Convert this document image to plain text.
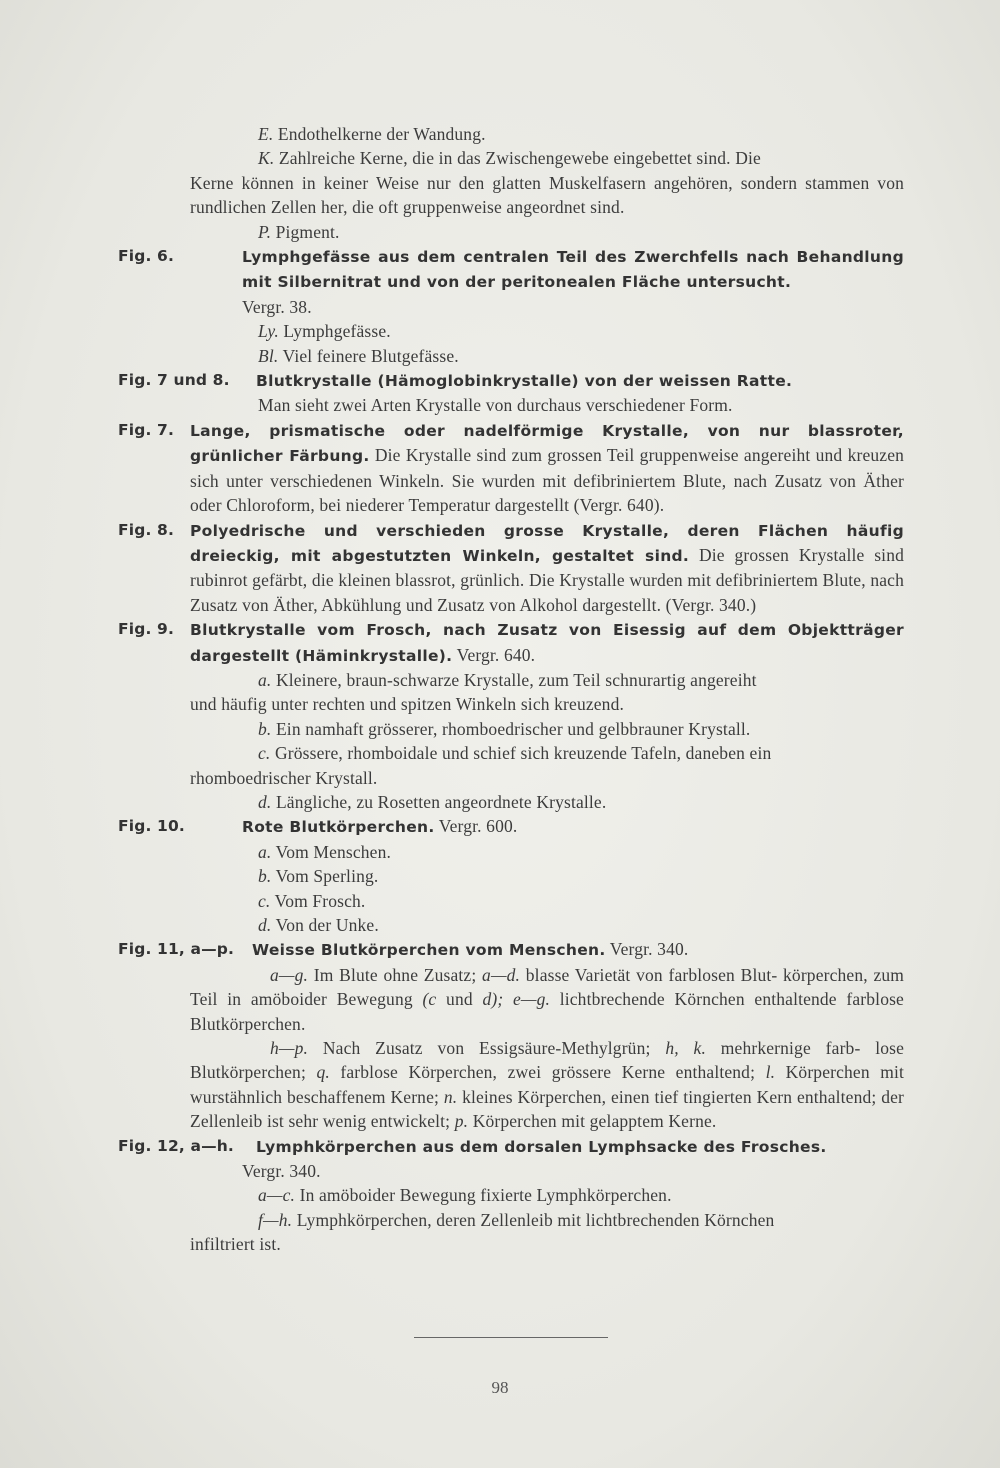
E. Endothelkerne der Wandung.

K. Zahlreiche Kerne, die in das Zwischengewebe eingebettet sind. Die

Kerne können in keiner Weise nur den glatten Muskelfasern angehören, sondern stammen von rundlichen Zellen her, die oft gruppenweise angeordnet sind.

P. Pigment.

Fig. 6.	Lymphgefässe aus dem centralen Teil des Zwerchfells nach Behandlung mit Silbernitrat und von der peritonealen Fläche untersucht.

Vergr. 38.

Ly. Lymphgefässe.

Bl. Viel feinere Blutgefässe.

Fig. 7 und 8. Blutkrystalle (Hämoglobinkrystalle) von der weissen Ratte.

Man sieht zwei Arten Krystalle von durchaus verschiedener Form.

Fig. 7. Lange, prismatische oder nadelförmige Krystalle, von nur blassroter, grünlicher Färbung. Die Krystalle sind zum grossen Teil gruppenweise angereiht und kreuzen sich unter verschiedenen Winkeln. Sie wurden mit defibriniertem Blute, nach Zusatz von Äther oder Chloroform, bei niederer Temperatur dargestellt (Vergr. 640).

Fig. 8. Polyedrische und verschieden grosse Krystalle, deren Flächen häufig dreieckig, mit abgestutzten Winkeln, gestaltet sind. Die grossen Krystalle sind rubinrot gefärbt, die kleinen blassrot, grünlich. Die Krystalle wurden mit defibriniertem Blute, nach Zusatz von Äther, Abkühlung und Zusatz von Alkohol dargestellt. (Vergr. 340.)

Fig. 9. Blutkrystalle vom Frosch, nach Zusatz von Eisessig auf dem Objektträger dargestellt (Häminkrystalle). Vergr. 640.

a. Kleinere, braun-schwarze Krystalle, zum Teil schnurartig angereiht

und häufig unter rechten und spitzen Winkeln sich kreuzend.

b. Ein namhaft grösserer, rhomboedrischer und gelbbrauner Krystall.

c. Grössere, rhomboidale und schief sich kreuzende Tafeln, daneben ein

rhomboedrischer Krystall.

d. Längliche, zu Rosetten angeordnete Krystalle.

Fig. 10.	Rote Blutkörperchen. Vergr. 600.

a. Vom Menschen.

b. Vom Sperling.

c. Vom Frosch.

d. Von der Unke.

Fig. 11, a—p. Weisse Blutkörperchen vom Menschen. Vergr. 340.

a—g. Im Blute ohne Zusatz; a—d. blasse Varietät von farblosen Blut- körperchen, zum Teil in amöboider Bewegung (c und d); e—g. lichtbrechende Körnchen enthaltende farblose Blutkörperchen.

h—p. Nach Zusatz von Essigsäure-Methylgrün; h, k. mehrkernige farb- lose Blutkörperchen; q. farblose Körperchen, zwei grössere Kerne enthaltend; l. Körperchen mit wurstähnlich beschaffenem Kerne; n. kleines Körperchen, einen tief tingierten Kern enthaltend; der Zellenleib ist sehr wenig entwickelt; p. Körperchen mit gelapptem Kerne.

Fig. 12, a—h. Lymphkörperchen aus dem dorsalen Lymphsacke des Frosches.

Vergr. 340.

a—c. In amöboider Bewegung fixierte Lymphkörperchen.

f—h. Lymphkörperchen, deren Zellenleib mit lichtbrechenden Körnchen

infiltriert ist.

98
